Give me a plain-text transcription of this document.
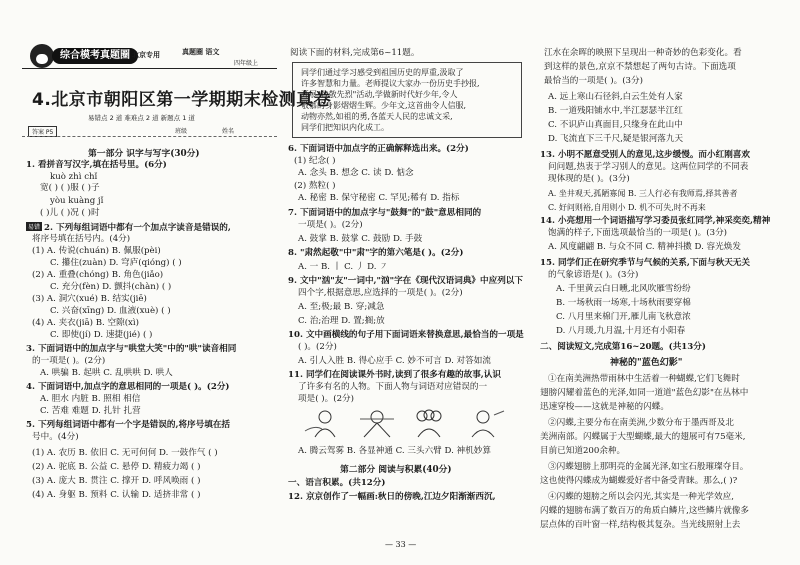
综合模考真题圈 北京专用	真题圈 语文
四年级上
4.北京市朝阳区第一学期期末检测真卷
易错点 2 道 难难点 2 道 新题点 1 道
答案 P5	班级	姓名
第一部分 识字与写字(30分)
1. 看拼音写汉字,填在括号里。(6分)
kuò zhì chǐ
宽( ) ( )服 ( )子
yòu kuàng jǐ
( )儿 ( )况 ( )时
易错 2. 下列每组词语中都有一个加点字读音是错误的,
将序号填在括号内。(4分)
(1) A. 传说(chuán) B. 佩服(pèi)
C. 攥住(zuàn) D. 穹庐(qióng) ( )
(2) A. 重叠(chóng) B. 角色(jiǎo)
C. 充分(fèn) D. 颤抖(chàn) ( )
(3) A. 洞穴(xué) B. 结实(jiē)
C. 兴奋(xīng) D. 血液(xuè) ( )
(4) A. 夹衣(jiā) B. 空隙(xì)
C. 即使(jí) D. 速捷(jié) ( )
3. 下面词语中的加点字与"哄堂大笑"中的"哄"读音相同
的一项是( )。(2分)
A. 哄骗 B. 起哄 C. 乱哄哄 D. 哄人
4. 下面词语中,加点字的意思相同的一项是( )。(2分)
A. 胆水 内脏 B. 照相 相信
C. 苦难 难题 D. 扎针 扎营
5. 下列每组词语中都有一个字是错误的,将序号填在括
号中。(4分)
(1) A. 农历 B. 依旧 C. 无可何何 D. 一鼓作气 ( )
(2) A. 驼底 B. 公益 C. 悬停 D. 精疲力竭 ( )
(3) A. 庞大 B. 贯注 C. 撑开 D. 呼风唤雨 ( )
(4) A. 身躯 B. 预料 C. 认输 D. 适挤非常 ( )
阅读下面的材料,完成第6~11题。
同学们通过学习感受到祖国历史的厚重,汲取了
许多智慧和力量。老师提议大家办一份历史手抄报,
开展"致敬先烈"活动,学做新时代好少年,令人
敬慕的身影熠熠生辉。少年文,这首曲令人信服,
动物亦然,如祖的勇,各蓝天人民的忠诚文采,
同学们把知识内化成工。
6. 下面词语中加点字的正确解释选出来。(2分)
(1) 纪念( )
A. 念头 B. 想念 C. 读 D. 惦念
(2) 熬粒( )
A. 秘密 B. 保守秘密 C. 罕见;稀有 D. 指标
7. 下面词语中的加点字与"鼓舞"的"鼓"意思相同的
一项是( )。(2分)
A. 鼓掌 B. 鼓掌 C. 鼓励 D. 手鼓
8. "肃然起敬"中"肃"字的第六笔是( )。(2分)
A. 一 B. 丨 C. 丿 D. ㇇
9. 文中"汹"友"一词中,"汹"字在《现代汉语词典》中应列以下
四个字,根据意思,应选择的一项是( )。(2分)
A. 至;极;最 B. 穿;减急
C. 治;治理 D. 置;搁;放
10. 文中画横线的句子用下面词语来替换意思,最恰当的一项是
( )。(2分)
A. 引人入胜 B. 得心应手 C. 妙不可言 D. 对答如流
11. 同学们在阅读课外书时,读到了很多有趣的故事,认识
了许多有名的人物。下面人物与词语对应错误的一
项是( )。(2分)
A. 腾云驾雾 B. 各显神通 C. 三头六臂 D. 神机妙算
第二部分 阅读与积累(40分)
一、语言积累。(共12分)
12. 京京创作了一幅画:秋日的傍晚,江边夕阳渐渐西沉,
江水在余晖的映照下呈现出一种奇妙的色彩变化。看
到这样的景色,京京不禁想起了两句古诗。下面选项
最恰当的一项是( )。(3分)
A. 远上寒山石径斜,白云生处有人家
B. 一道残阳铺水中,半江瑟瑟半江红
C. 不识庐山真面目,只缘身在此山中
D. 飞流直下三千尺,疑是银河落九天
13. 小明不愿意受别人的意见,这步缓慢。而小红刚喜欢
问问题,热衷于学习别人的意见。这两位同学的不同表
现体现的是( )。(3分)
A. 坐井观天,孤陋寡闻 B. 三人行必有我师焉,择其善者
C. 好问则裕,自用则小 D. 机不可失,时不再来
14. 小亮想用一个词语描写学习委员张红同学,神采奕奕,精神
饱满的样子,下面选项最恰当的一项是( )。(3分)
A. 风度翩翩 B. 与众不同 C. 精神抖擞 D. 容光焕发
15. 同学们正在研究季节与气候的关系,下面与秋天无关
的气象谚语是( )。(3分)
A. 千里黄云白日曛,北风吹雁雪纷纷
B. 一场秋雨一场寒,十场秋雨要穿棉
C. 八月里来棉门开,雁儿南飞秋意浓
D. 八月瑗,九月温,十月还有小阳春
二、阅读短文,完成第16~20题。(共13分)
神秘的"蓝色幻影"
①在南美洲热带雨林中生活着一种蝴蝶,它们飞舞时
翅膀闪耀着蓝色的光泽,如同一道道"蓝色幻影"在丛林中
迅速穿梭——这就是神秘的闪蝶。
②闪蝶,主要分布在南美洲,少数分布于墨西哥及北
美洲南部。闪蝶属于大型蝴蝶,最大的翅展可有75毫米,
目前已知道200余种。
③闪蝶翅膀上那明亮的金属光泽,如宝石般璀璨夺目。
这也使得闪蝶成为蝴蝶爱好者中备受青睐。那么,( )?
④闪蝶的翅膀之所以会闪光,其实是一种光学效应,
闪蝶的翅膀布满了数百万的角质白鳞片,这些鳞片就像多
层点体的百叶窗一样,结构极其复杂。当光线照射上去
— 33 —
